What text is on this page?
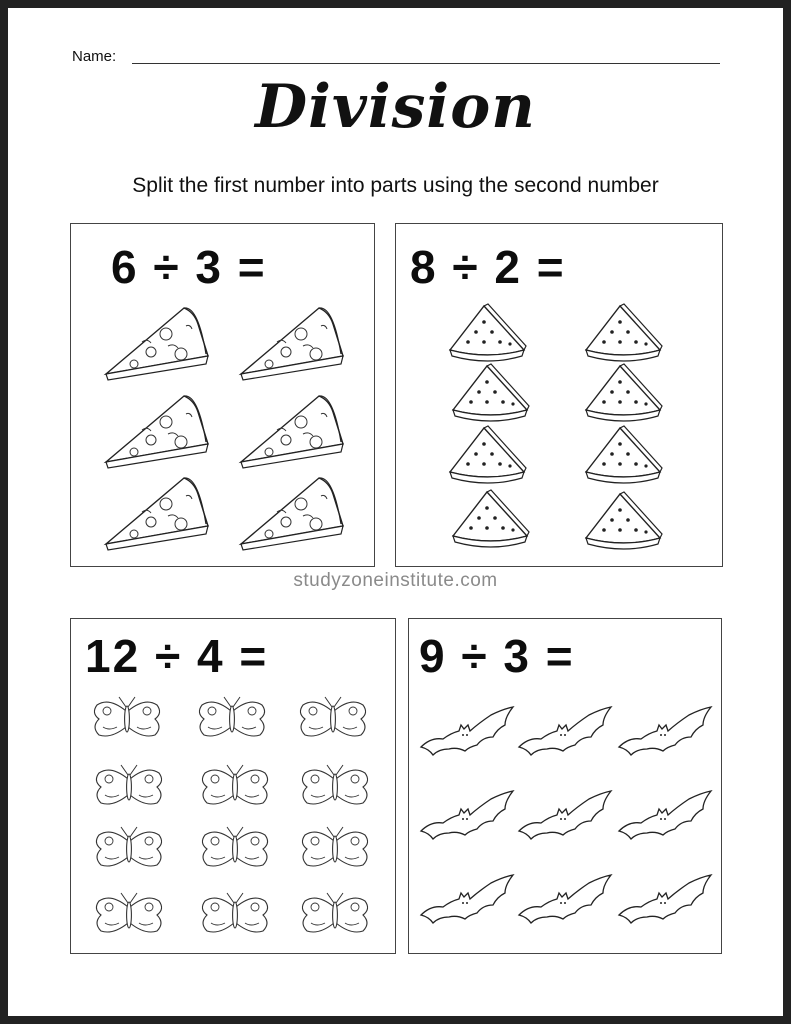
Name:
Division
Split the first number into parts using the second number
6 ÷ 3 =	8 ÷ 2 =
studyzoneinstitute.com
12 ÷ 4 =	9 ÷ 3 =
